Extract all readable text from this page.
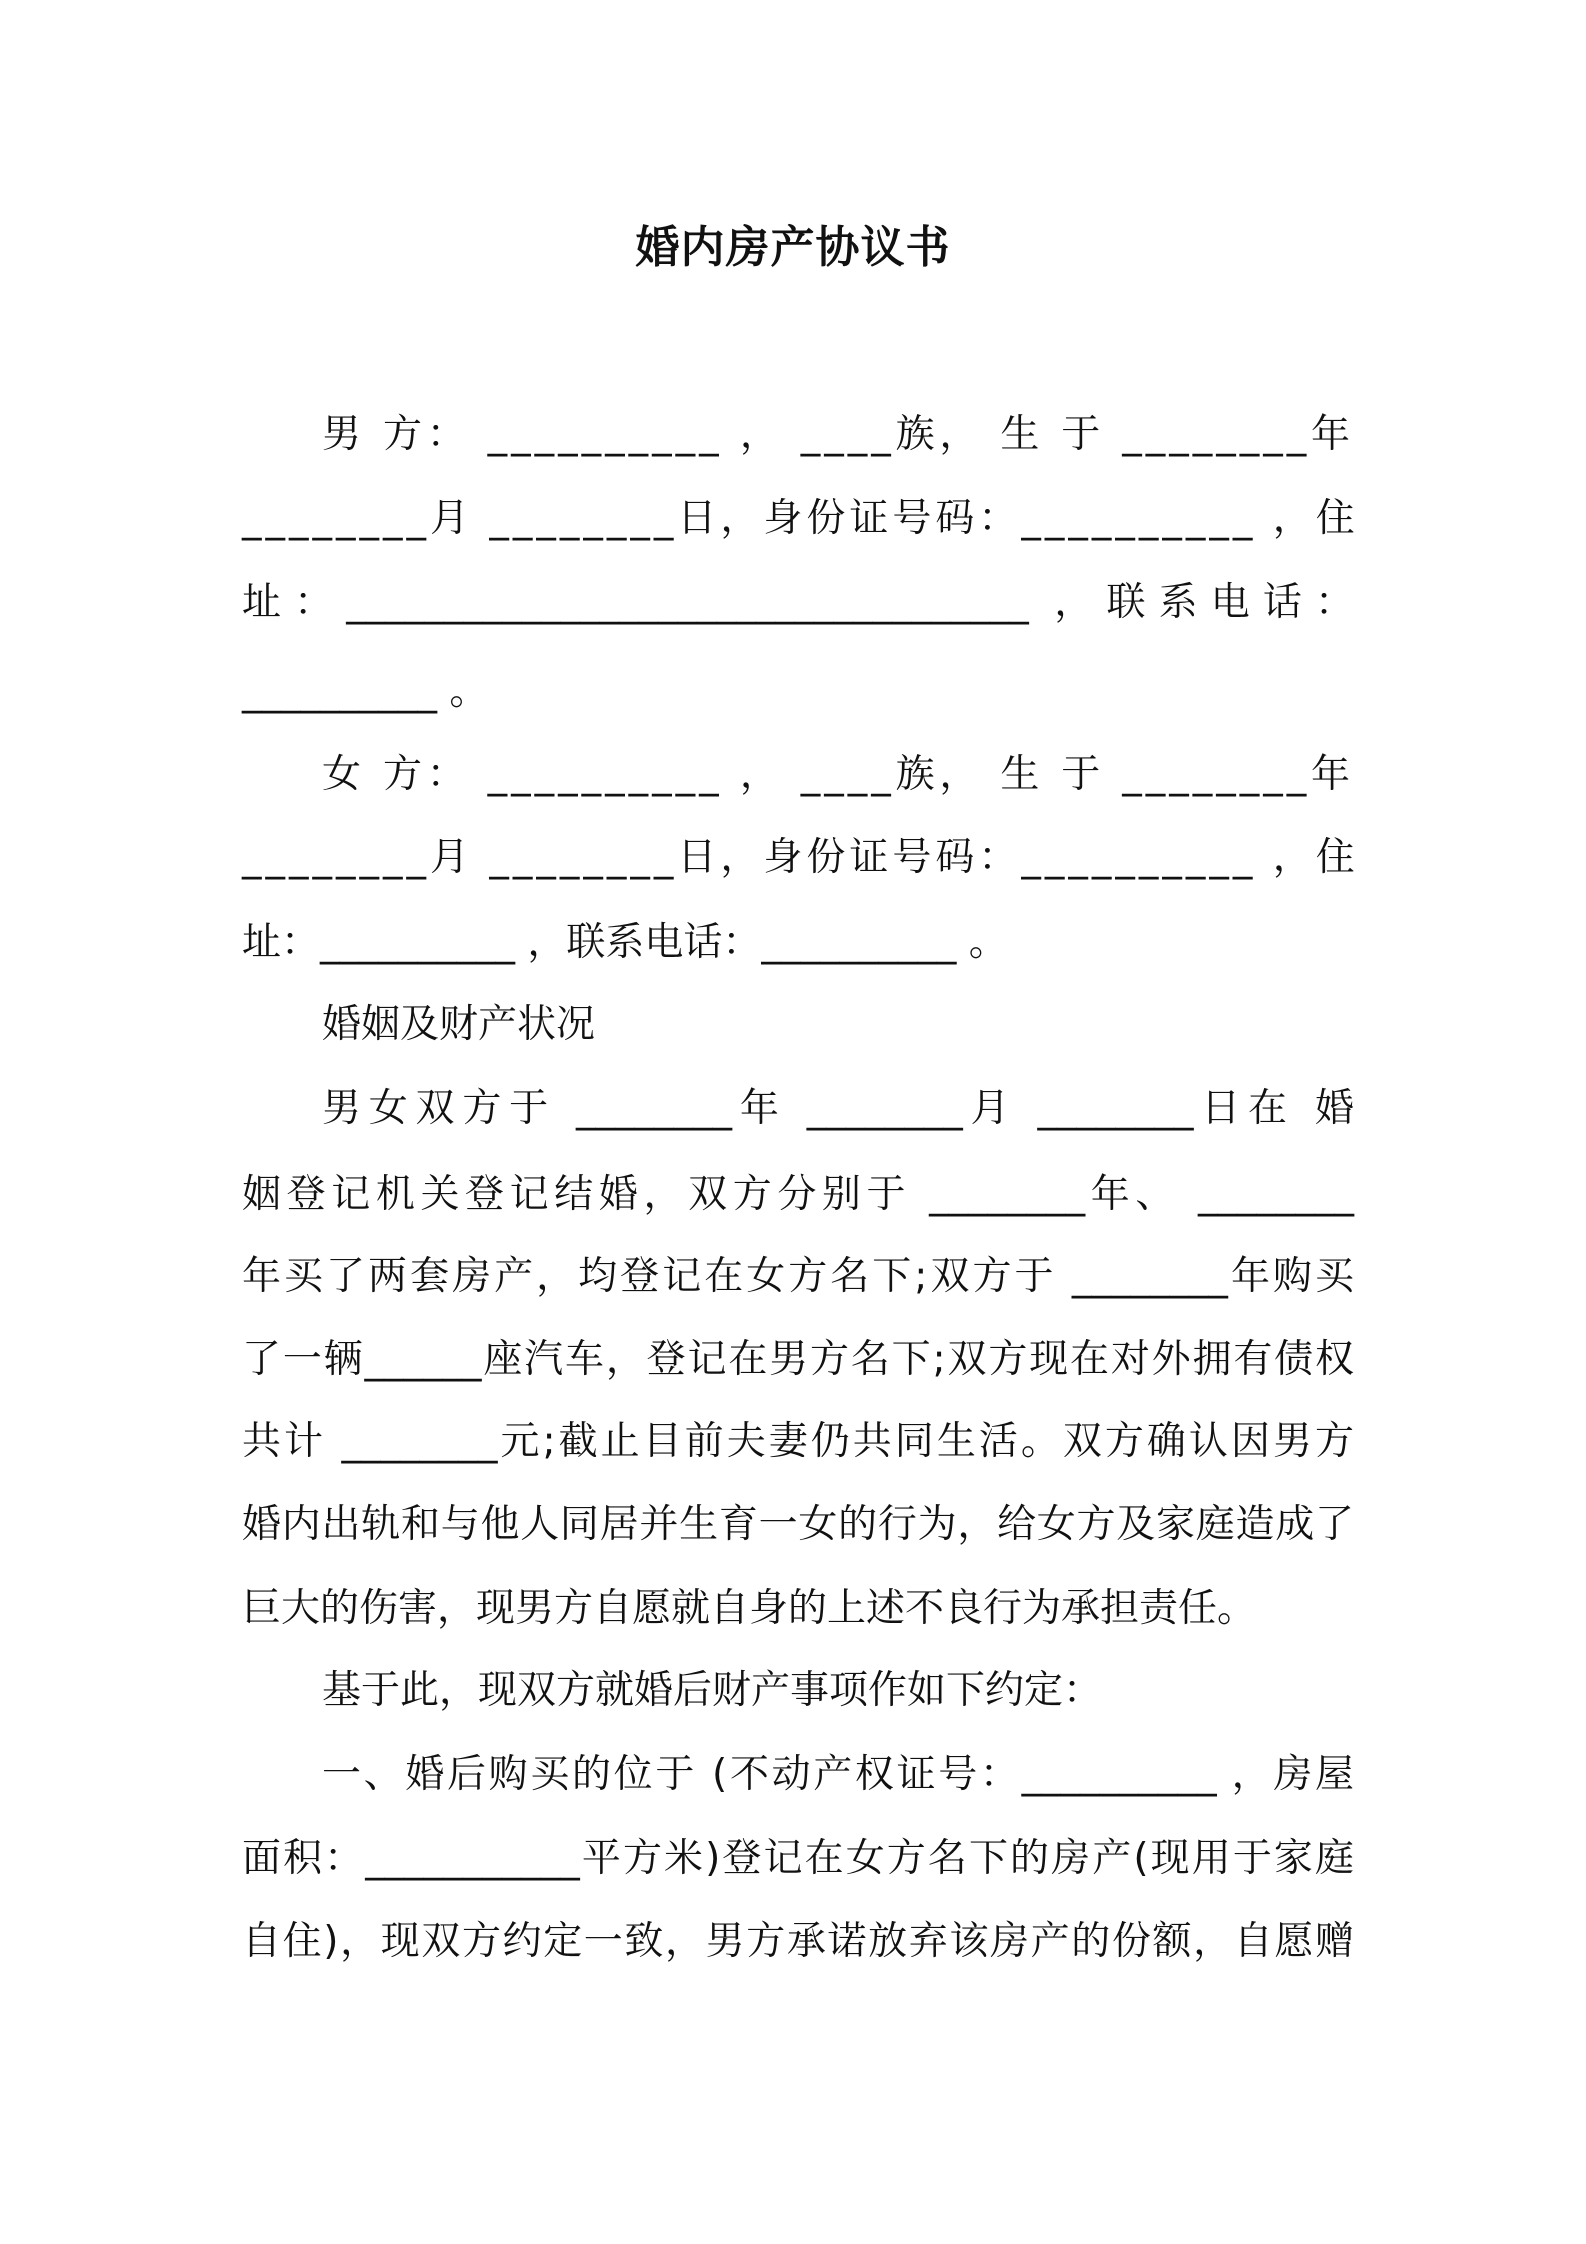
婚内房产协议书
男 方： __________ ， ____族， 生 于 ________年
________月 ________日，身份证号码：__________ ，住
址：___________________________________ ，联系电话：
__________ 。
女 方： __________ ， ____族， 生 于 ________年
________月 ________日，身份证号码：__________ ，住
址：__________ ，联系电话：__________ 。
婚姻及财产状况
男女双方于 ________年 ________月 ________日在 婚
姻登记机关登记结婚，双方分别于 ________年、 ________
年买了两套房产，均登记在女方名下;双方于 ________年购买
了一辆______座汽车，登记在男方名下;双方现在对外拥有债权
共计 ________元;截止目前夫妻仍共同生活。双方确认因男方
婚内出轨和与他人同居并生育一女的行为，给女方及家庭造成了
巨大的伤害，现男方自愿就自身的上述不良行为承担责任。
基于此，现双方就婚后财产事项作如下约定：
一、婚后购买的位于 (不动产权证号：__________ ，房屋
面积：___________平方米)登记在女方名下的房产(现用于家庭
自住)，现双方约定一致，男方承诺放弃该房产的份额，自愿赠
